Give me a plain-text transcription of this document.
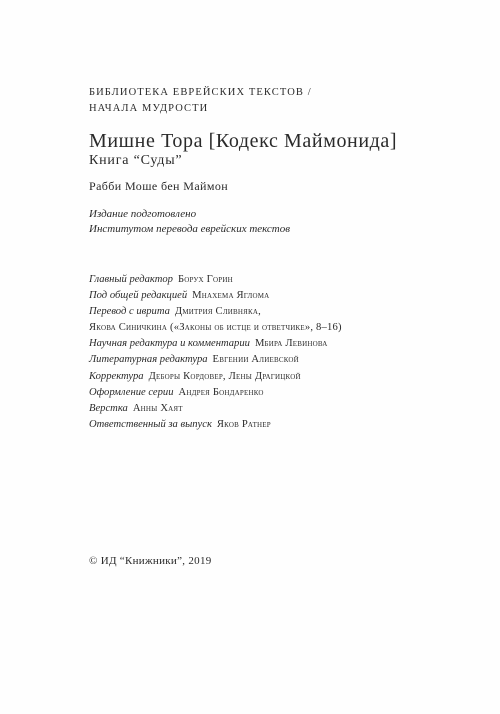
БИБЛИОТЕКА ЕВРЕЙСКИХ ТЕКСТОВ /
НАЧАЛА МУДРОСТИ
Мишне Тора [Кодекс Маймонида]
Книга “Суды”
Рабби Моше бен Маймон
Издание подготовлено
Институтом перевода еврейских текстов
Главный редактор Борух Горин
Под общей редакцией Мнахема Яглома
Перевод с иврита Дмитрия Сливняка,
Якова Синичкина («Законы об истце и ответчике», 8–16)
Научная редактура и комментарии Мбира Левинова
Литературная редактура Евгении Алиевской
Корректура Деборы Кордовер, Лены Драгицкой
Оформление серии Андрея Бондаренко
Верстка Анны Хаят
Ответственный за выпуск Яков Ратнер
© ИД “Книжники”, 2019
